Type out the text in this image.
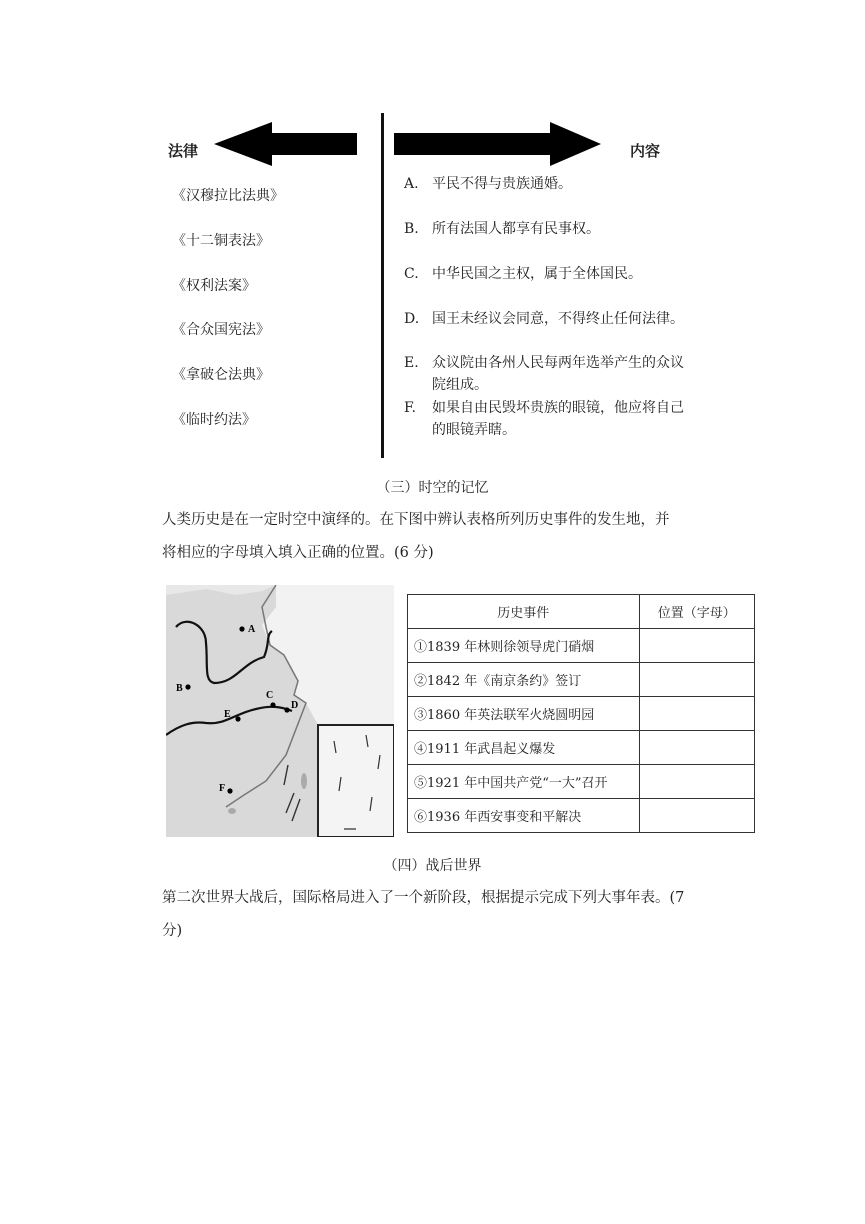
法律	内容
《汉穆拉比法典》
《十二铜表法》
《权利法案》
《合众国宪法》
《拿破仑法典》
《临时约法》
A. 平民不得与贵族通婚。
B. 所有法国人都享有民事权。
C. 中华民国之主权，属于全体国民。
D. 国王未经议会同意，不得终止任何法律。
E. 众议院由各州人民每两年选举产生的众议
院组成。
F. 如果自由民毁坏贵族的眼镜，他应将自己
的眼镜弄瞎。
（三）时空的记忆
人类历史是在一定时空中演绎的。在下图中辨认表格所列历史事件的发生地，并
将相应的字母填入填入正确的位置。(6 分)
A
B
C
D
E
F
历史事件	位置（字母）
①1839 年林则徐领导虎门硝烟	
②1842 年《南京条约》签订	
③1860 年英法联军火烧圆明园	
④1911 年武昌起义爆发	
⑤1921 年中国共产党“一大”召开	
⑥1936 年西安事变和平解决	
（四）战后世界
第二次世界大战后，国际格局进入了一个新阶段，根据提示完成下列大事年表。(7
分)
